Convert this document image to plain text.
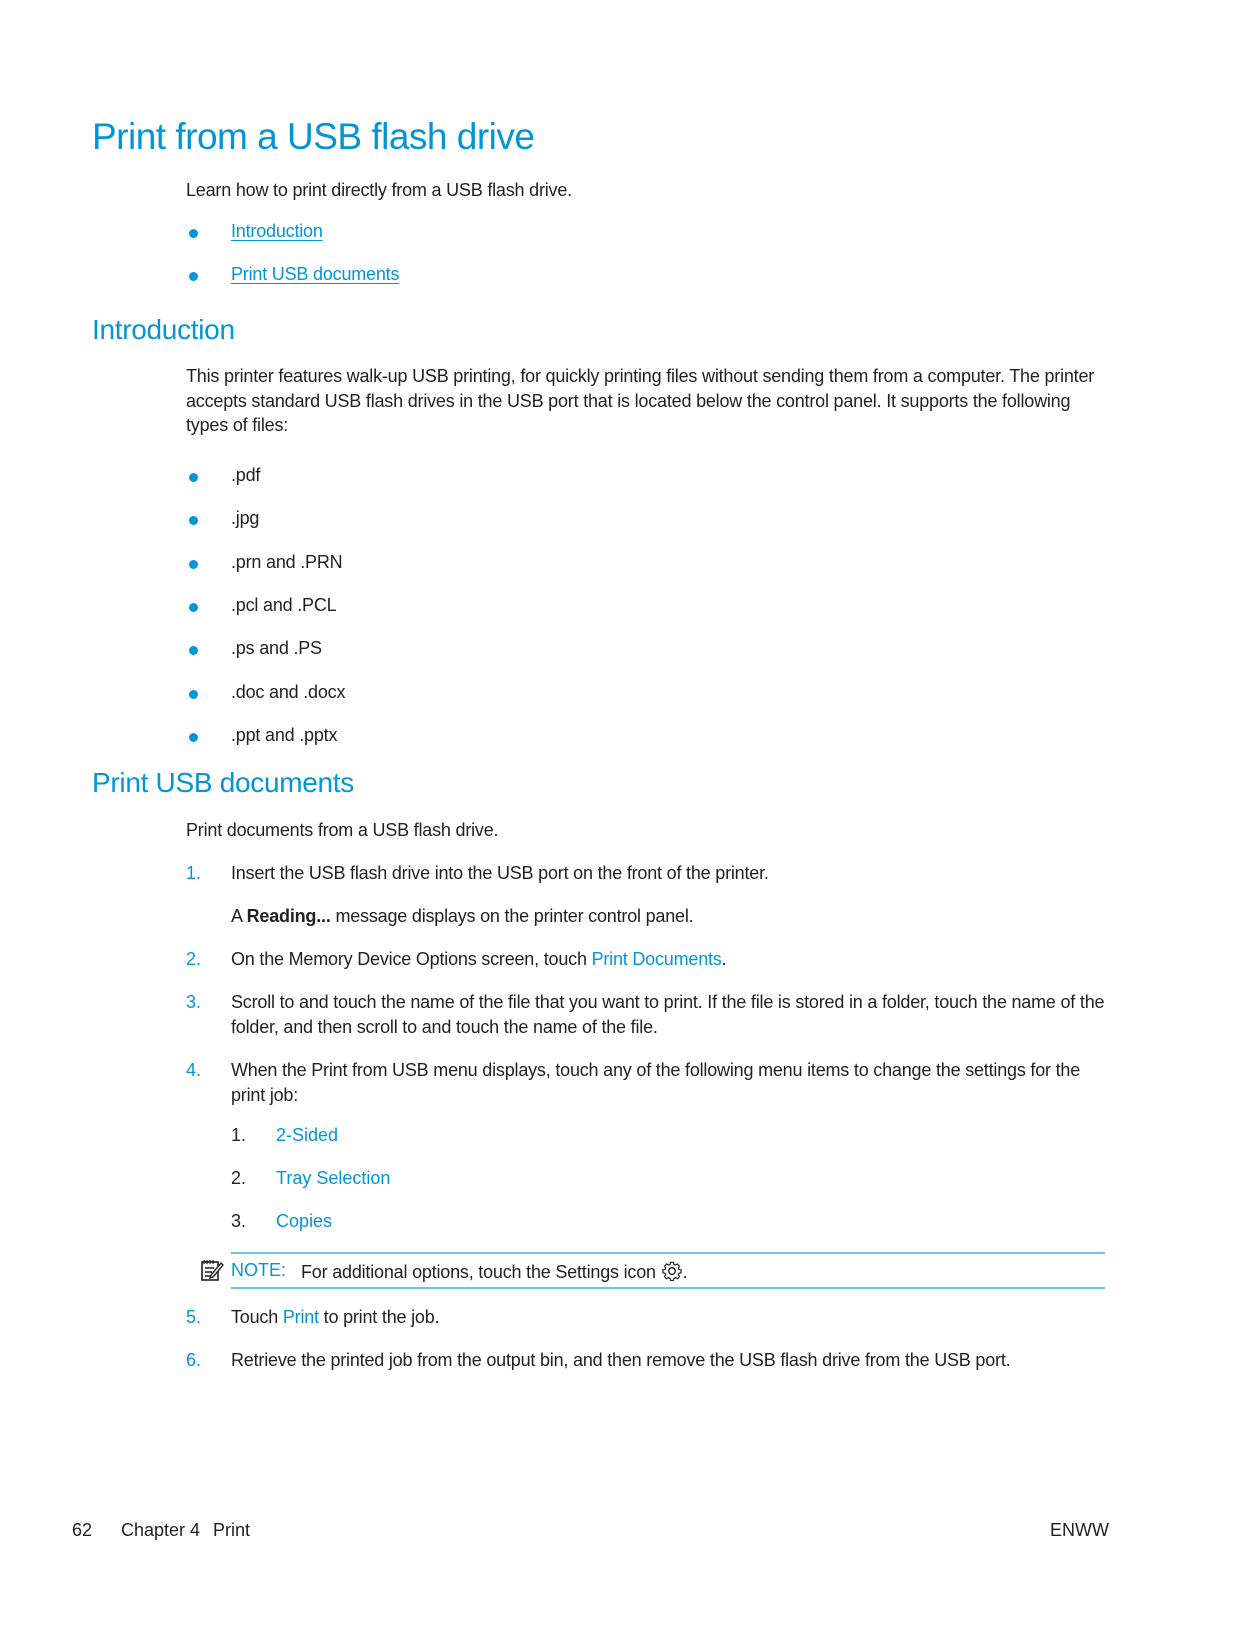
Print from a USB flash drive
Learn how to print directly from a USB flash drive.
Introduction
Print USB documents
Introduction
This printer features walk-up USB printing, for quickly printing files without sending them from a computer. The printer accepts standard USB flash drives in the USB port that is located below the control panel. It supports the following types of files:
.pdf
.jpg
.prn and .PRN
.pcl and .PCL
.ps and .PS
.doc and .docx
.ppt and .pptx
Print USB documents
Print documents from a USB flash drive.
1. Insert the USB flash drive into the USB port on the front of the printer.
A Reading... message displays on the printer control panel.
2. On the Memory Device Options screen, touch Print Documents.
3. Scroll to and touch the name of the file that you want to print. If the file is stored in a folder, touch the name of the folder, and then scroll to and touch the name of the file.
4. When the Print from USB menu displays, touch any of the following menu items to change the settings for the print job:
1. 2-Sided
2. Tray Selection
3. Copies
NOTE: For additional options, touch the Settings icon .
5. Touch Print to print the job.
6. Retrieve the printed job from the output bin, and then remove the USB flash drive from the USB port.
62 Chapter 4 Print	ENWW
